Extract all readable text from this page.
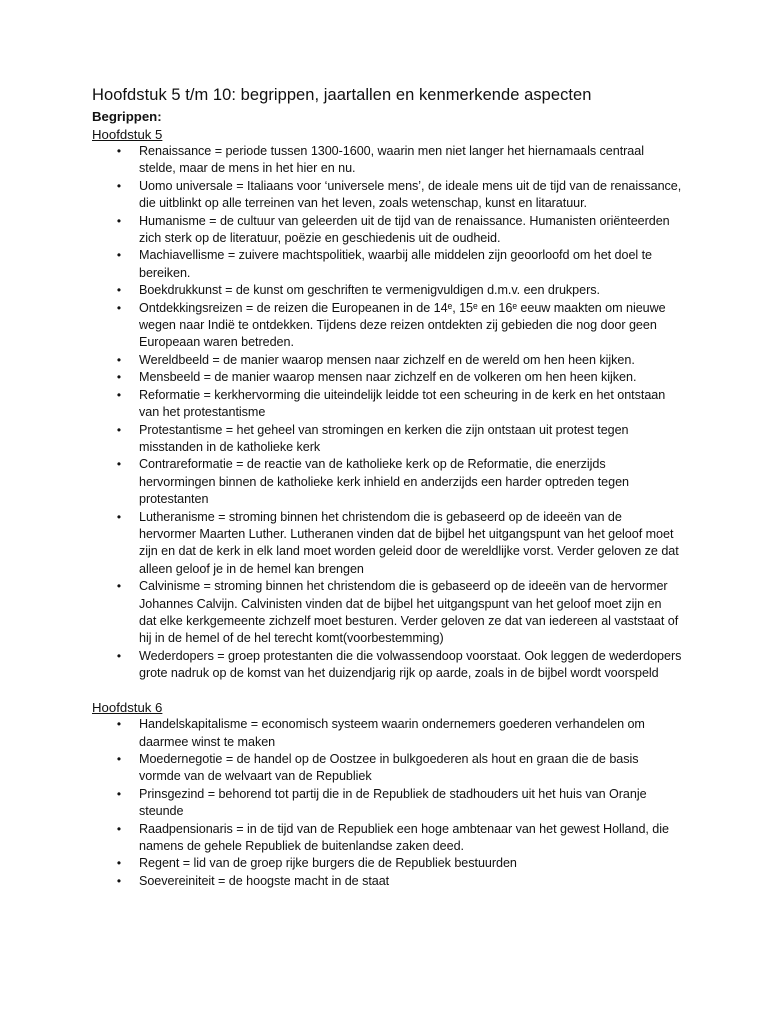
Hoofdstuk 5 t/m 10: begrippen, jaartallen en kenmerkende aspecten

Begrippen:

Hoofdstuk 5

• Renaissance = periode tussen 1300-1600, waarin men niet langer het hiernamaals centraal stelde, maar de mens in het hier en nu.
• Uomo universale = Italiaans voor ‘universele mens’, de ideale mens uit de tijd van de renaissance, die uitblinkt op alle terreinen van het leven, zoals wetenschap, kunst en litaratuur.
• Humanisme = de cultuur van geleerden uit de tijd van de renaissance. Humanisten oriënteerden zich sterk op de literatuur, poëzie en geschiedenis uit de oudheid.
• Machiavellisme = zuivere machtspolitiek, waarbij alle middelen zijn geoorloofd om het doel te bereiken.
• Boekdrukkunst = de kunst om geschriften te vermenigvuldigen d.m.v. een drukpers.
• Ontdekkingsreizen = de reizen die Europeanen in de 14ᵉ, 15ᵉ en 16ᵉ eeuw maakten om nieuwe wegen naar Indië te ontdekken. Tijdens deze reizen ontdekten zij gebieden die nog door geen Europeaan waren betreden.
• Wereldbeeld = de manier waarop mensen naar zichzelf en de wereld om hen heen kijken.
• Mensbeeld = de manier waarop mensen naar zichzelf en de volkeren om hen heen kijken.
• Reformatie = kerkhervorming die uiteindelijk leidde tot een scheuring in de kerk en het ontstaan van het protestantisme
• Protestantisme = het geheel van stromingen en kerken die zijn ontstaan uit protest tegen misstanden in de katholieke kerk
• Contrareformatie = de reactie van de katholieke kerk op de Reformatie, die enerzijds hervormingen binnen de katholieke kerk inhield en anderzijds een harder optreden tegen protestanten
• Lutheranisme = stroming binnen het christendom die is gebaseerd op de ideeën van de hervormer Maarten Luther. Lutheranen vinden dat de bijbel het uitgangspunt van het geloof moet zijn en dat de kerk in elk land moet worden geleid door de wereldlijke vorst. Verder geloven ze dat alleen geloof je in de hemel kan brengen
• Calvinisme = stroming binnen het christendom die is gebaseerd op de ideeën van de hervormer Johannes Calvijn. Calvinisten vinden dat de bijbel het uitgangspunt van het geloof moet zijn en dat elke kerkgemeente zichzelf moet besturen. Verder geloven ze dat van iedereen al vaststaat of hij in de hemel of de hel terecht komt(voorbestemming)
• Wederdopers = groep protestanten die die volwassendoop voorstaat. Ook leggen de wederdopers grote nadruk op de komst van het duizendjarig rijk op aarde, zoals in de bijbel wordt voorspeld

Hoofdstuk 6

• Handelskapitalisme = economisch systeem waarin ondernemers goederen verhandelen om daarmee winst te maken
• Moedernegotie = de handel op de Oostzee in bulkgoederen als hout en graan die de basis vormde van de welvaart van de Republiek
• Prinsgezind = behorend tot partij die in de Republiek de stadhouders uit het huis van Oranje steunde
• Raadpensionaris = in de tijd van de Republiek een hoge ambtenaar van het gewest Holland, die namens de gehele Republiek de buitenlandse zaken deed.
• Regent = lid van de groep rijke burgers die de Republiek bestuurden
• Soevereiniteit = de hoogste macht in de staat
